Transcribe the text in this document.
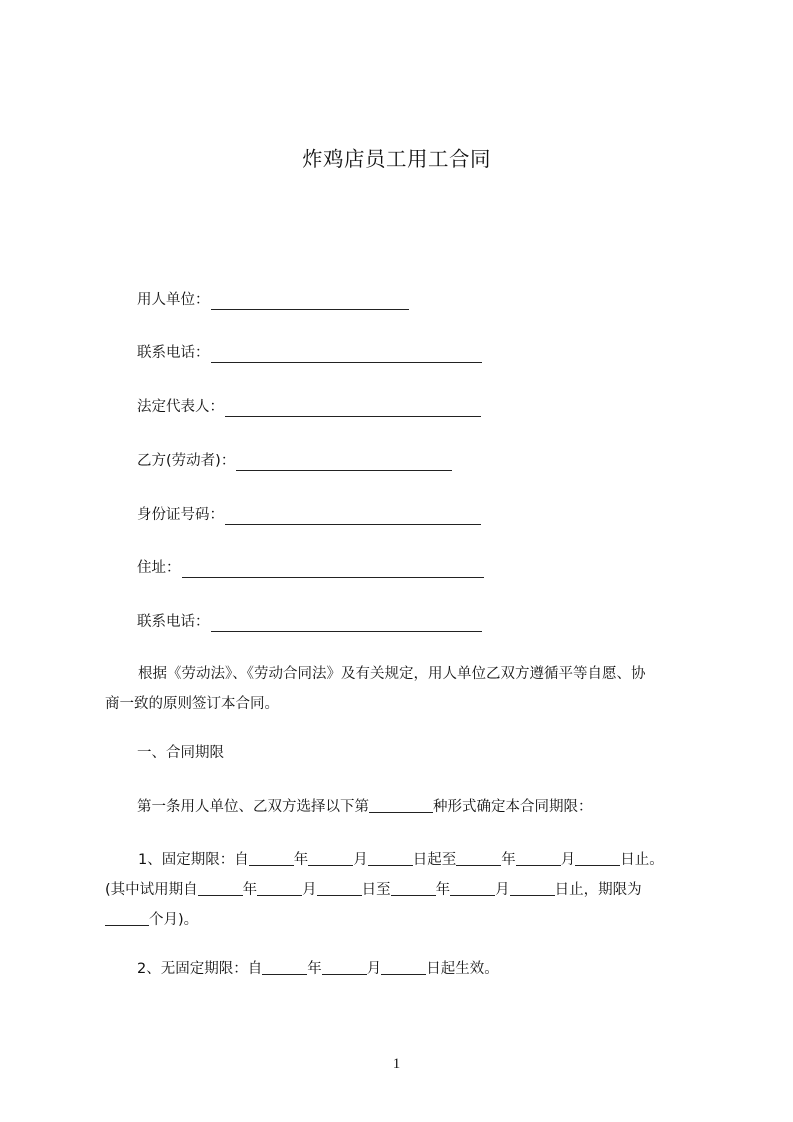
炸鸡店员工用工合同
用人单位：
联系电话：
法定代表人：
乙方(劳动者)：
身份证号码：
住址：
联系电话：
根据《劳动法》、《劳动合同法》及有关规定，用人单位乙双方遵循平等自愿、协
商一致的原则签订本合同。
一、合同期限
第一条用人单位、乙双方选择以下第	种形式确定本合同期限：
1、固定期限：自	年	月	日起至	年	月	日止。
(其中试用期自	年	月	日至	年	月	日止，期限为
个月)。
2、无固定期限：自	年	月	日起生效。
1
